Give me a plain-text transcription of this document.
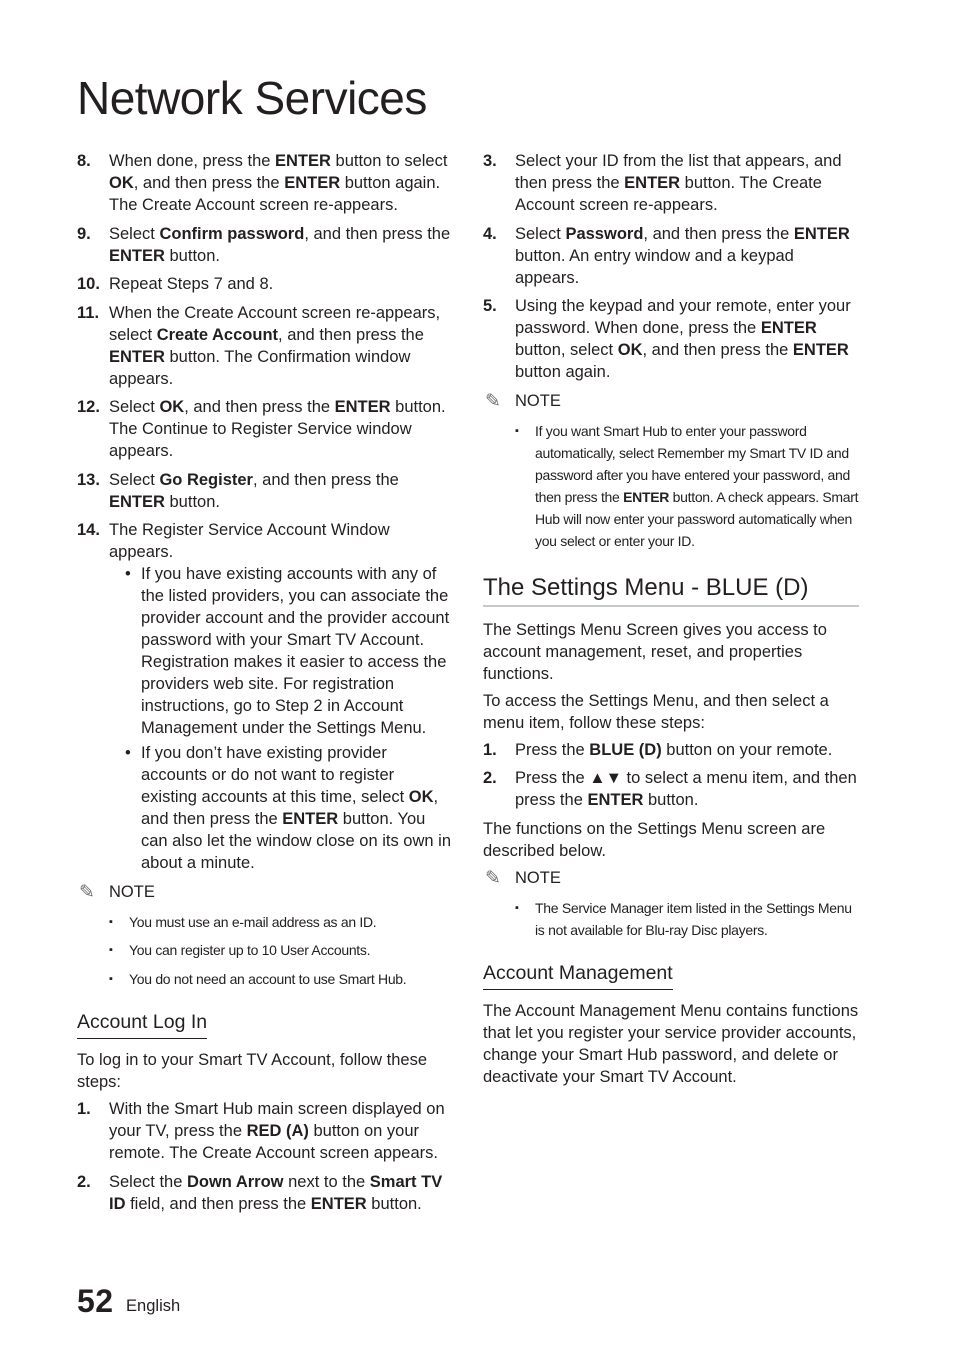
Network Services
8. When done, press the ENTER button to select OK, and then press the ENTER button again. The Create Account screen re-appears.
9. Select Confirm password, and then press the ENTER button.
10. Repeat Steps 7 and 8.
11. When the Create Account screen re-appears, select Create Account, and then press the ENTER button. The Confirmation window appears.
12. Select OK, and then press the ENTER button. The Continue to Register Service window appears.
13. Select Go Register, and then press the ENTER button.
14. The Register Service Account Window appears.
• If you have existing accounts with any of the listed providers, you can associate the provider account and the provider account password with your Smart TV Account. Registration makes it easier to access the providers web site. For registration instructions, go to Step 2 in Account Management under the Settings Menu.
• If you don’t have existing provider accounts or do not want to register existing accounts at this time, select OK, and then press the ENTER button. You can also let the window close on its own in about a minute.
✎ NOTE
▪ You must use an e-mail address as an ID.
▪ You can register up to 10 User Accounts.
▪ You do not need an account to use Smart Hub.
Account Log In

To log in to your Smart TV Account, follow these steps:

1. With the Smart Hub main screen displayed on your TV, press the RED (A) button on your remote. The Create Account screen appears.
2. Select the Down Arrow next to the Smart TV ID field, and then press the ENTER button.
3. Select your ID from the list that appears, and then press the ENTER button. The Create Account screen re-appears.
4. Select Password, and then press the ENTER button. An entry window and a keypad appears.
5. Using the keypad and your remote, enter your password. When done, press the ENTER button, select OK, and then press the ENTER button again.
✎ NOTE
▪ If you want Smart Hub to enter your password automatically, select Remember my Smart TV ID and password after you have entered your password, and then press the ENTER button. A check appears. Smart Hub will now enter your password automatically when you select or enter your ID.
The Settings Menu - BLUE (D)

The Settings Menu Screen gives you access to account management, reset, and properties functions.

To access the Settings Menu, and then select a menu item, follow these steps:

1. Press the BLUE (D) button on your remote.
2. Press the ▲▼ to select a menu item, and then press the ENTER button.

The functions on the Settings Menu screen are described below.

✎ NOTE
▪ The Service Manager item listed in the Settings Menu is not available for Blu-ray Disc players.
Account Management

The Account Management Menu contains functions that let you register your service provider accounts, change your Smart Hub password, and delete or deactivate your Smart TV Account.

52 English
